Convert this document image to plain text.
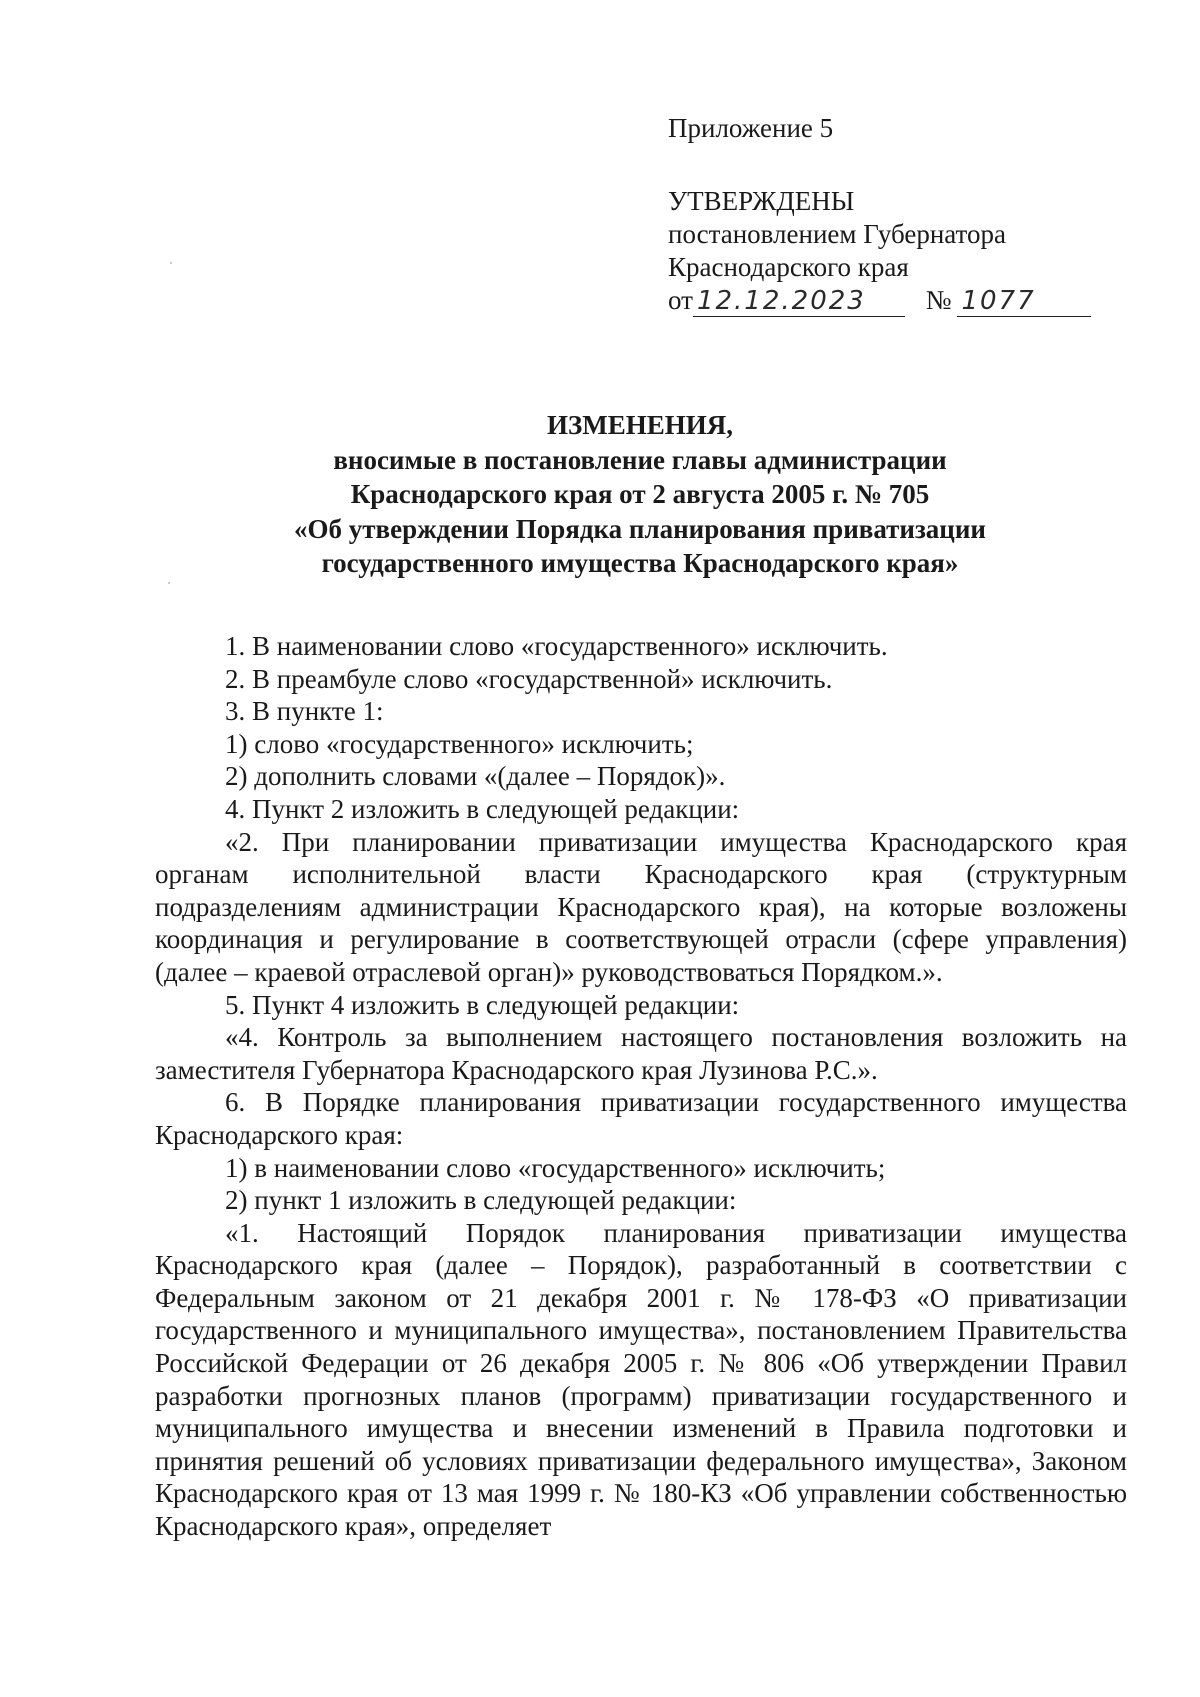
Приложение 5
УТВЕРЖДЕНЫ
постановлением Губернатора
Краснодарского края
от 12.12.2023 № 1077
ИЗМЕНЕНИЯ,
вносимые в постановление главы администрации
Краснодарского края от 2 августа 2005 г. № 705
«Об утверждении Порядка планирования приватизации
государственного имущества Краснодарского края»

1. В наименовании слово «государственного» исключить.

2. В преамбуле слово «государственной» исключить.

3. В пункте 1:

1) слово «государственного» исключить;

2) дополнить словами «(далее – Порядок)».

4. Пункт 2 изложить в следующей редакции:

«2. При планировании приватизации имущества Краснодарского края органам исполнительной власти Краснодарского края (структурным подразделениям администрации Краснодарского края), на которые возложены координация и регулирование в соответствующей отрасли (сфере управления) (далее – краевой отраслевой орган)» руководствоваться Порядком.».

5. Пункт 4 изложить в следующей редакции:

«4. Контроль за выполнением настоящего постановления возложить на заместителя Губернатора Краснодарского края Лузинова Р.С.».

6. В Порядке планирования приватизации государственного имущества Краснодарского края:

1) в наименовании слово «государственного» исключить;

2) пункт 1 изложить в следующей редакции:

«1. Настоящий Порядок планирования приватизации имущества Краснодарского края (далее – Порядок), разработанный в соответствии с Федеральным законом от 21 декабря 2001 г. № 178-ФЗ «О приватизации государственного и муниципального имущества», постановлением Правительства Российской Федерации от 26 декабря 2005 г. № 806 «Об утверждении Правил разработки прогнозных планов (программ) приватизации государственного и муниципального имущества и внесении изменений в Правила подготовки и принятия решений об условиях приватизации федерального имущества», Законом Краснодарского края от 13 мая 1999 г. № 180-КЗ «Об управлении собственностью Краснодарского края», определяет
